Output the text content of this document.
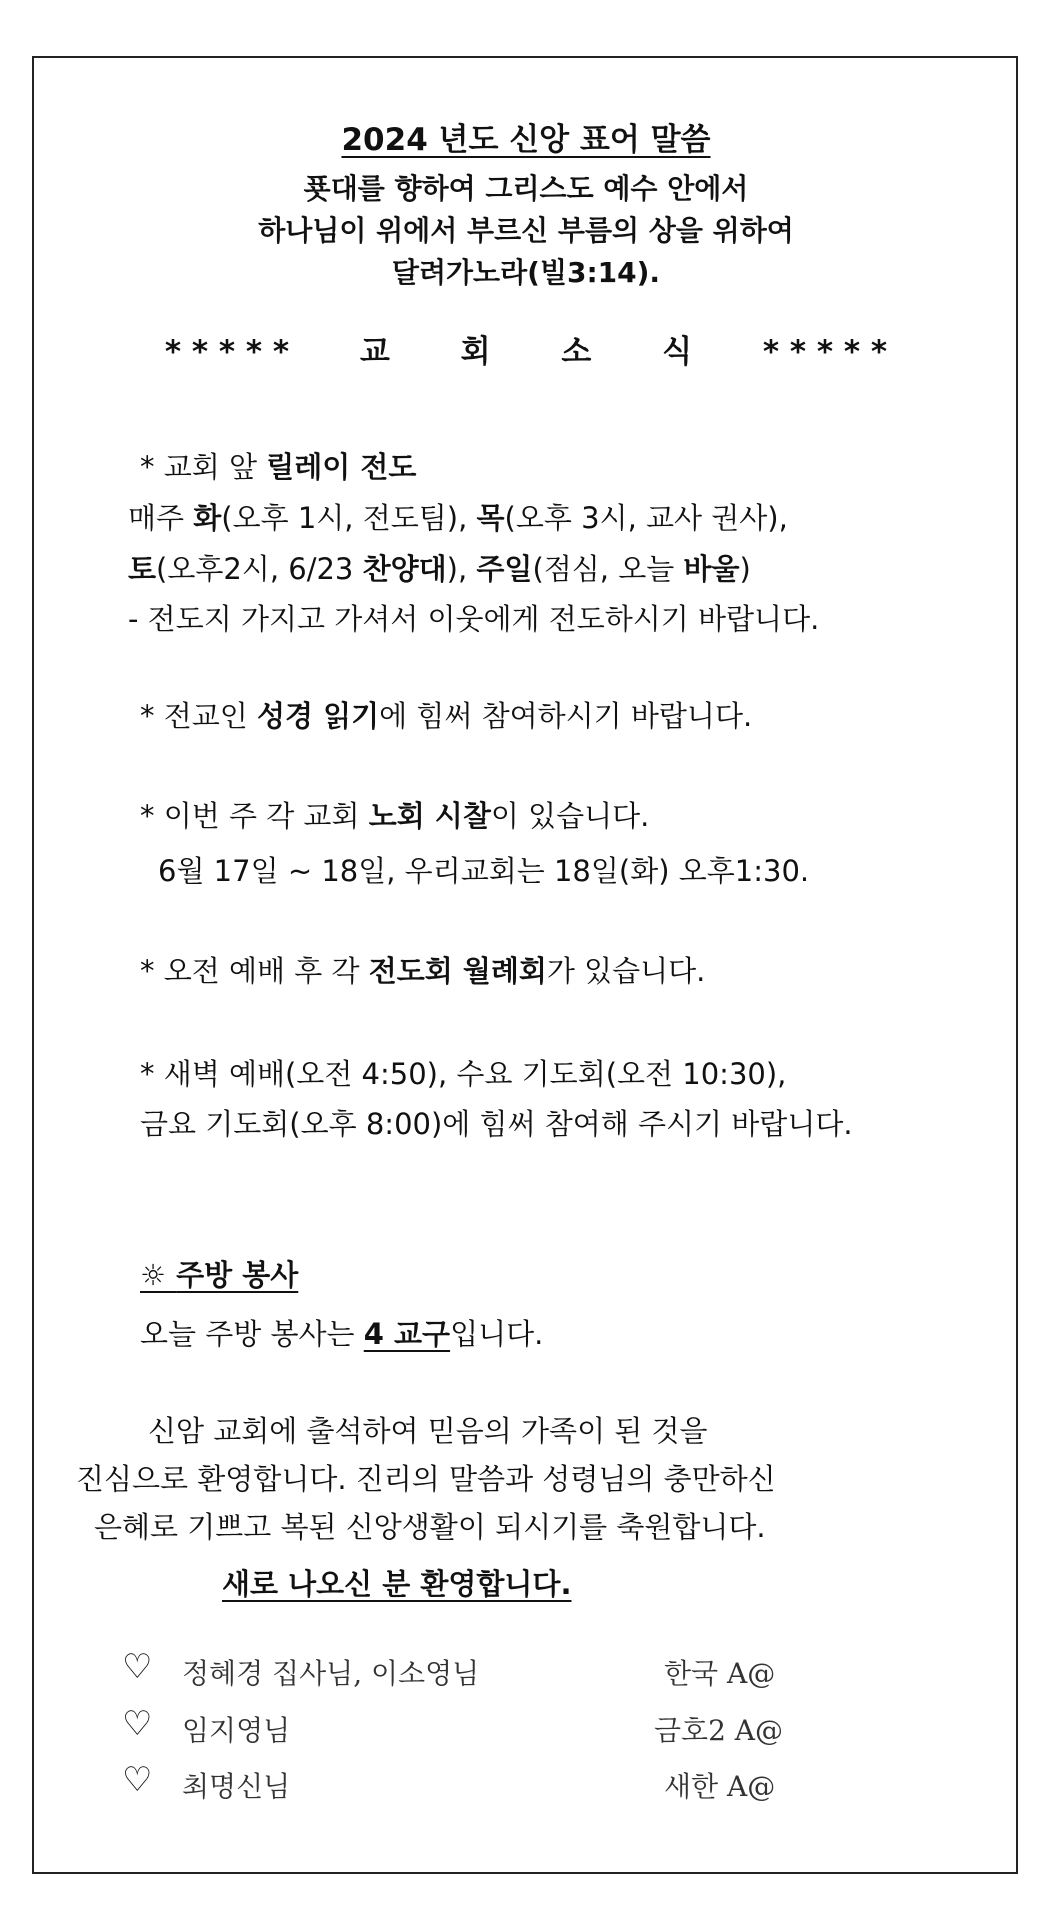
2024 년도 신앙 표어 말씀
푯대를 향하여 그리스도 예수 안에서
하나님이 위에서 부르신 부름의 상을 위하여
달려가노라(빌3:14).
* * * * * 교 회 소 식 * * * * *
* 교회 앞 릴레이 전도
매주 화(오후 1시, 전도팀), 목(오후 3시, 교사 권사),
토(오후2시, 6/23 찬양대), 주일(점심, 오늘 바울)
- 전도지 가지고 가셔서 이웃에게 전도하시기 바랍니다.
* 전교인 성경 읽기에 힘써 참여하시기 바랍니다.
* 이번 주 각 교회 노회 시찰이 있습니다.
6월 17일 ~ 18일, 우리교회는 18일(화) 오후1:30.
* 오전 예배 후 각 전도회 월례회가 있습니다.
* 새벽 예배(오전 4:50), 수요 기도회(오전 10:30),
금요 기도회(오후 8:00)에 힘써 참여해 주시기 바랍니다.
☼ 주방 봉사
오늘 주방 봉사는 4 교구입니다.
신암 교회에 출석하여 믿음의 가족이 된 것을
진심으로 환영합니다. 진리의 말씀과 성령님의 충만하신
은혜로 기쁘고 복된 신앙생활이 되시기를 축원합니다.
새로 나오신 분 환영합니다.
♡ 정혜경 집사님, 이소영님	한국 A@
♡ 임지영님	금호2 A@
♡ 최명신님	새한 A@
